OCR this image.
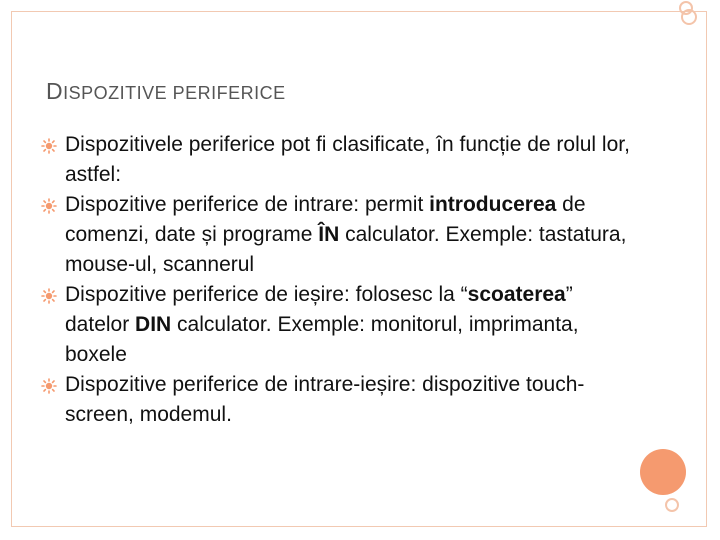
DISPOZITIVE PERIFERICE
Dispozitivele periferice pot fi clasificate, în funcție de rolul lor, astfel:
Dispozitive periferice de intrare: permit introducerea de comenzi, date și programe ÎN calculator. Exemple: tastatura, mouse-ul, scannerul
Dispozitive periferice de ieșire: folosesc la “scoaterea” datelor DIN calculator. Exemple: monitorul, imprimanta, boxele
Dispozitive periferice de intrare-ieșire: dispozitive touch-screen, modemul.
